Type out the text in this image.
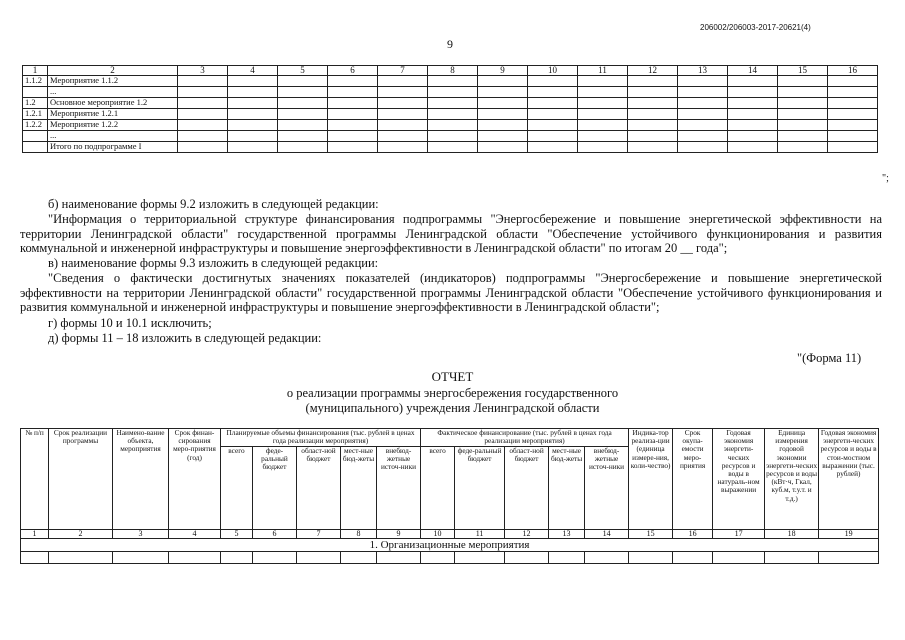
206002/206003-2017-20621(4)
9
1	2	3	4	5	6	7	8	9	10	11	12	13	14	15	16
1.1.2	Мероприятие 1.1.2														
	...														
1.2	Основное мероприятие 1.2														
1.2.1	Мероприятие 1.2.1														
1.2.2	Мероприятие 1.2.2														
	...														
	Итого по подпрограмме I														
";
б) наименование формы 9.2 изложить в следующей редакции:
"Информация о территориальной структуре финансирования подпрограммы "Энергосбережение и повышение энергетической эффективности на территории Ленинградской области" государственной программы Ленинградской области "Обеспечение устойчивого функционирования и развития коммунальной и инженерной инфраструктуры и повышение энергоэффективности в Ленинградской области" по итогам 20 __ года";
в) наименование формы 9.3 изложить в следующей редакции:
"Сведения о фактически достигнутых значениях показателей (индикаторов) подпрограммы "Энергосбережение и повышение энергетической эффективности на территории Ленинградской области" государственной программы Ленинградской области "Обеспечение устойчивого функционирования и развития коммунальной и инженерной инфраструктуры и повышение энергоэффективности в Ленинградской области";
г) формы 10 и 10.1 исключить;
д) формы 11 – 18 изложить в следующей редакции:
"(Форма 11)
ОТЧЕТ
о реализации программы энергосбережения государственного
(муниципального) учреждения Ленинградской области
№ п/п	Срок реализации программы	Наимено-вание объекта, мероприятия	Срок финан-сирования меро-приятия (год)	Планируемые объемы финансирования (тыс. рублей в ценах года реализации мероприятия)					Фактическое финансирование (тыс. рублей в ценах года реализации мероприятия)					Индика-тор реализа-ции (единица измере-ния, коли-чество)	Срок окупа-емости меро-приятия	Годовая экономия энергети-ческих ресурсов и воды в натураль-ном выражении	Единица измерения годовой экономии энергети-ческих ресурсов и воды (кВт·ч, Гкал, куб.м, т.у.т. и т.д.)	Годовая экономия энергети-ческих ресурсов и воды в стои-мостном выражении (тыс. рублей)
				всего	феде-ральный бюджет	област-ной бюджет	мест-ные бюд-жеты	внебюд-жетные источ-ники	всего	феде-ральный бюджет	област-ной бюджет	мест-ные бюд-жеты	внебюд-жетные источ-ники					
1	2	3	4	5	6	7	8	9	10	11	12	13	14	15	16	17	18	19
1. Организационные мероприятия																		
